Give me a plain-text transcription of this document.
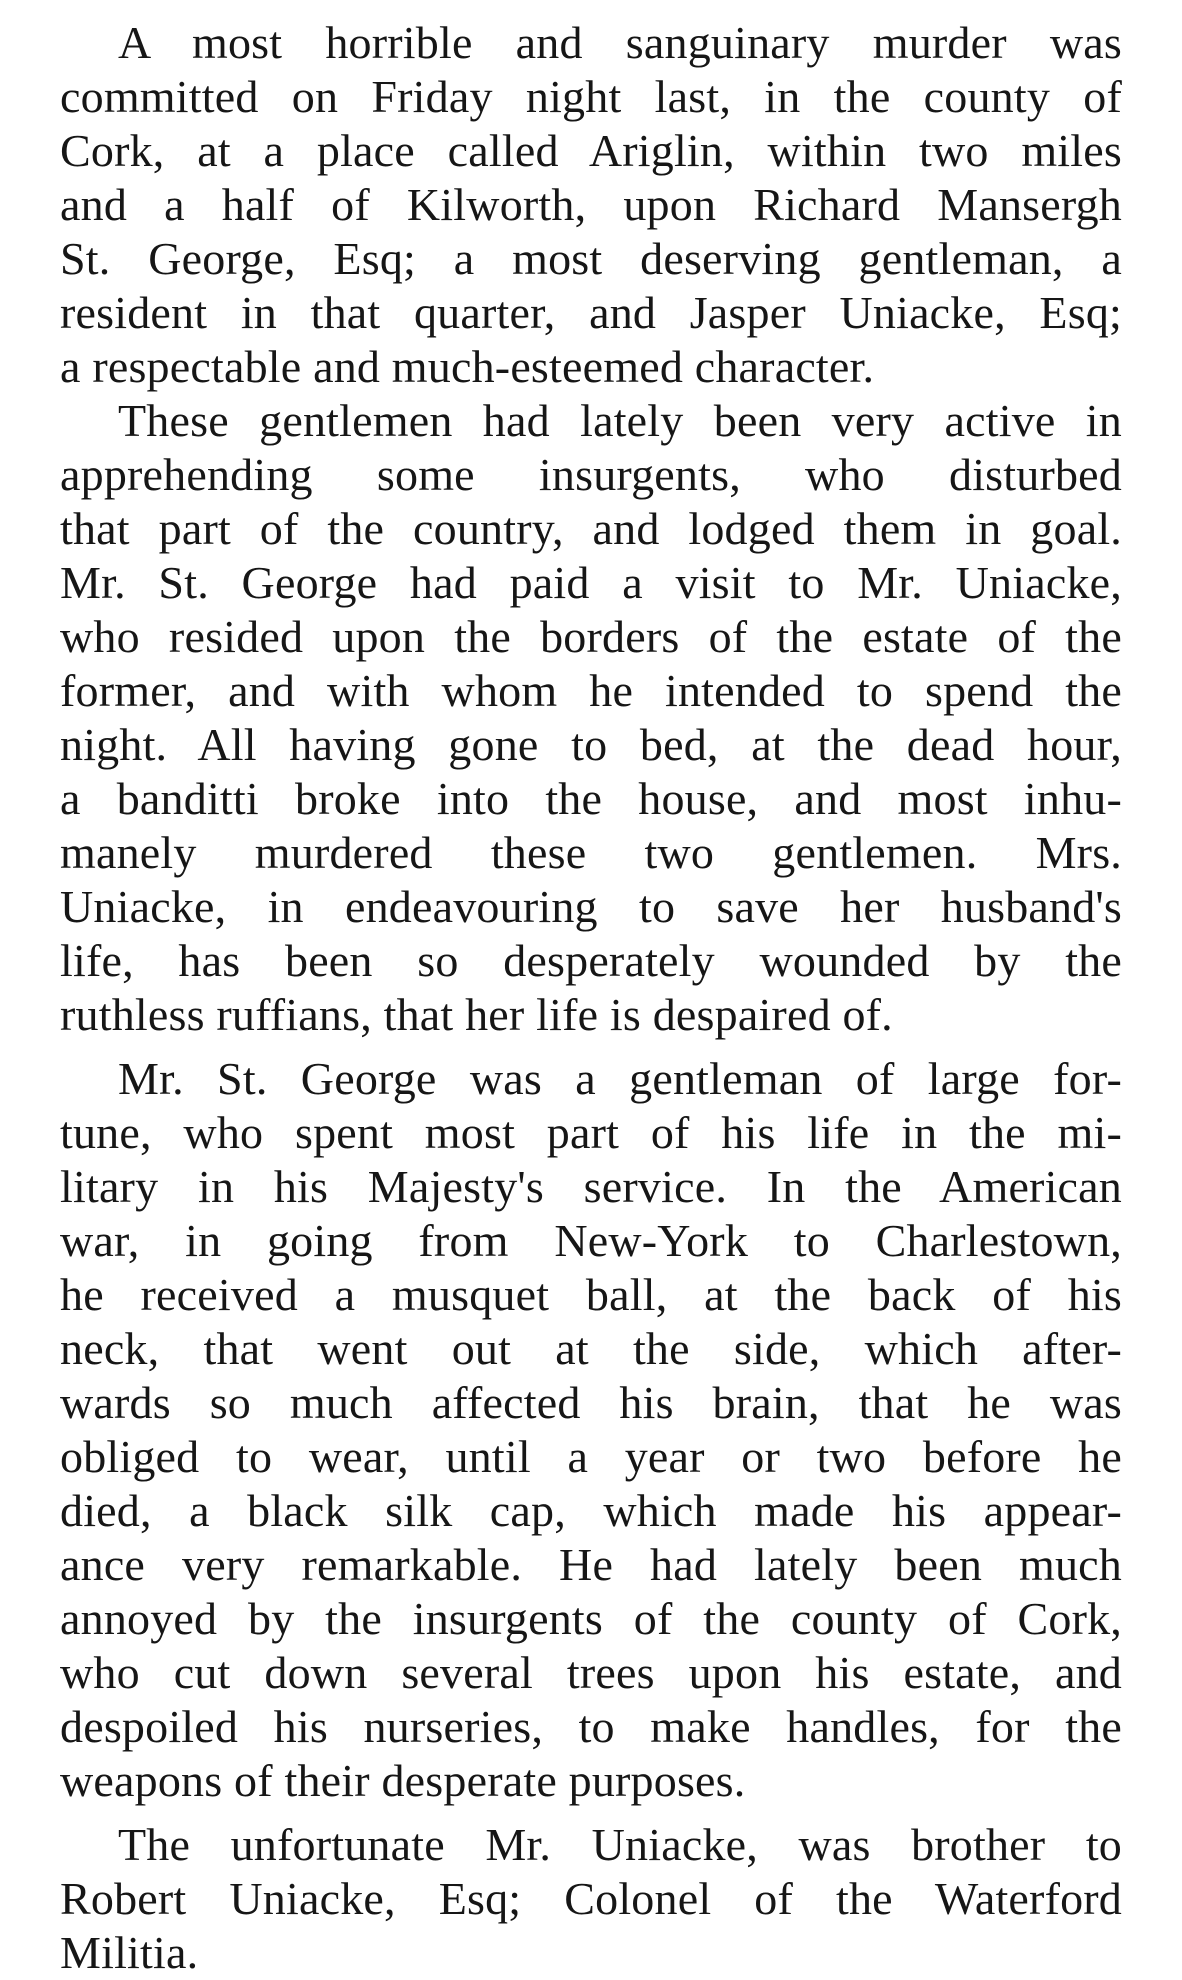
A most horrible and sanguinary murder was
committed on Friday night last, in the county of
Cork, at a place called Ariglin, within two miles
and a half of Kilworth, upon Richard Mansergh
St. George, Esq; a most deserving gentleman, a
resident in that quarter, and Jasper Uniacke, Esq;
a respectable and much-esteemed character.

These gentlemen had lately been very active in
apprehending some insurgents, who disturbed
that part of the country, and lodged them in goal.
Mr. St. George had paid a visit to Mr. Uniacke,
who resided upon the borders of the estate of the
former, and with whom he intended to spend the
night. All having gone to bed, at the dead hour,
a banditti broke into the house, and most inhu-
manely murdered these two gentlemen. Mrs.
Uniacke, in endeavouring to save her husband's
life, has been so desperately wounded by the
ruthless ruffians, that her life is despaired of.

Mr. St. George was a gentleman of large for-
tune, who spent most part of his life in the mi-
litary in his Majesty's service. In the American
war, in going from New-York to Charlestown,
he received a musquet ball, at the back of his
neck, that went out at the side, which after-
wards so much affected his brain, that he was
obliged to wear, until a year or two before he
died, a black silk cap, which made his appear-
ance very remarkable. He had lately been much
annoyed by the insurgents of the county of Cork,
who cut down several trees upon his estate, and
despoiled his nurseries, to make handles, for the
weapons of their desperate purposes.

The unfortunate Mr. Uniacke, was brother to
Robert Uniacke, Esq; Colonel of the Waterford
Militia.
